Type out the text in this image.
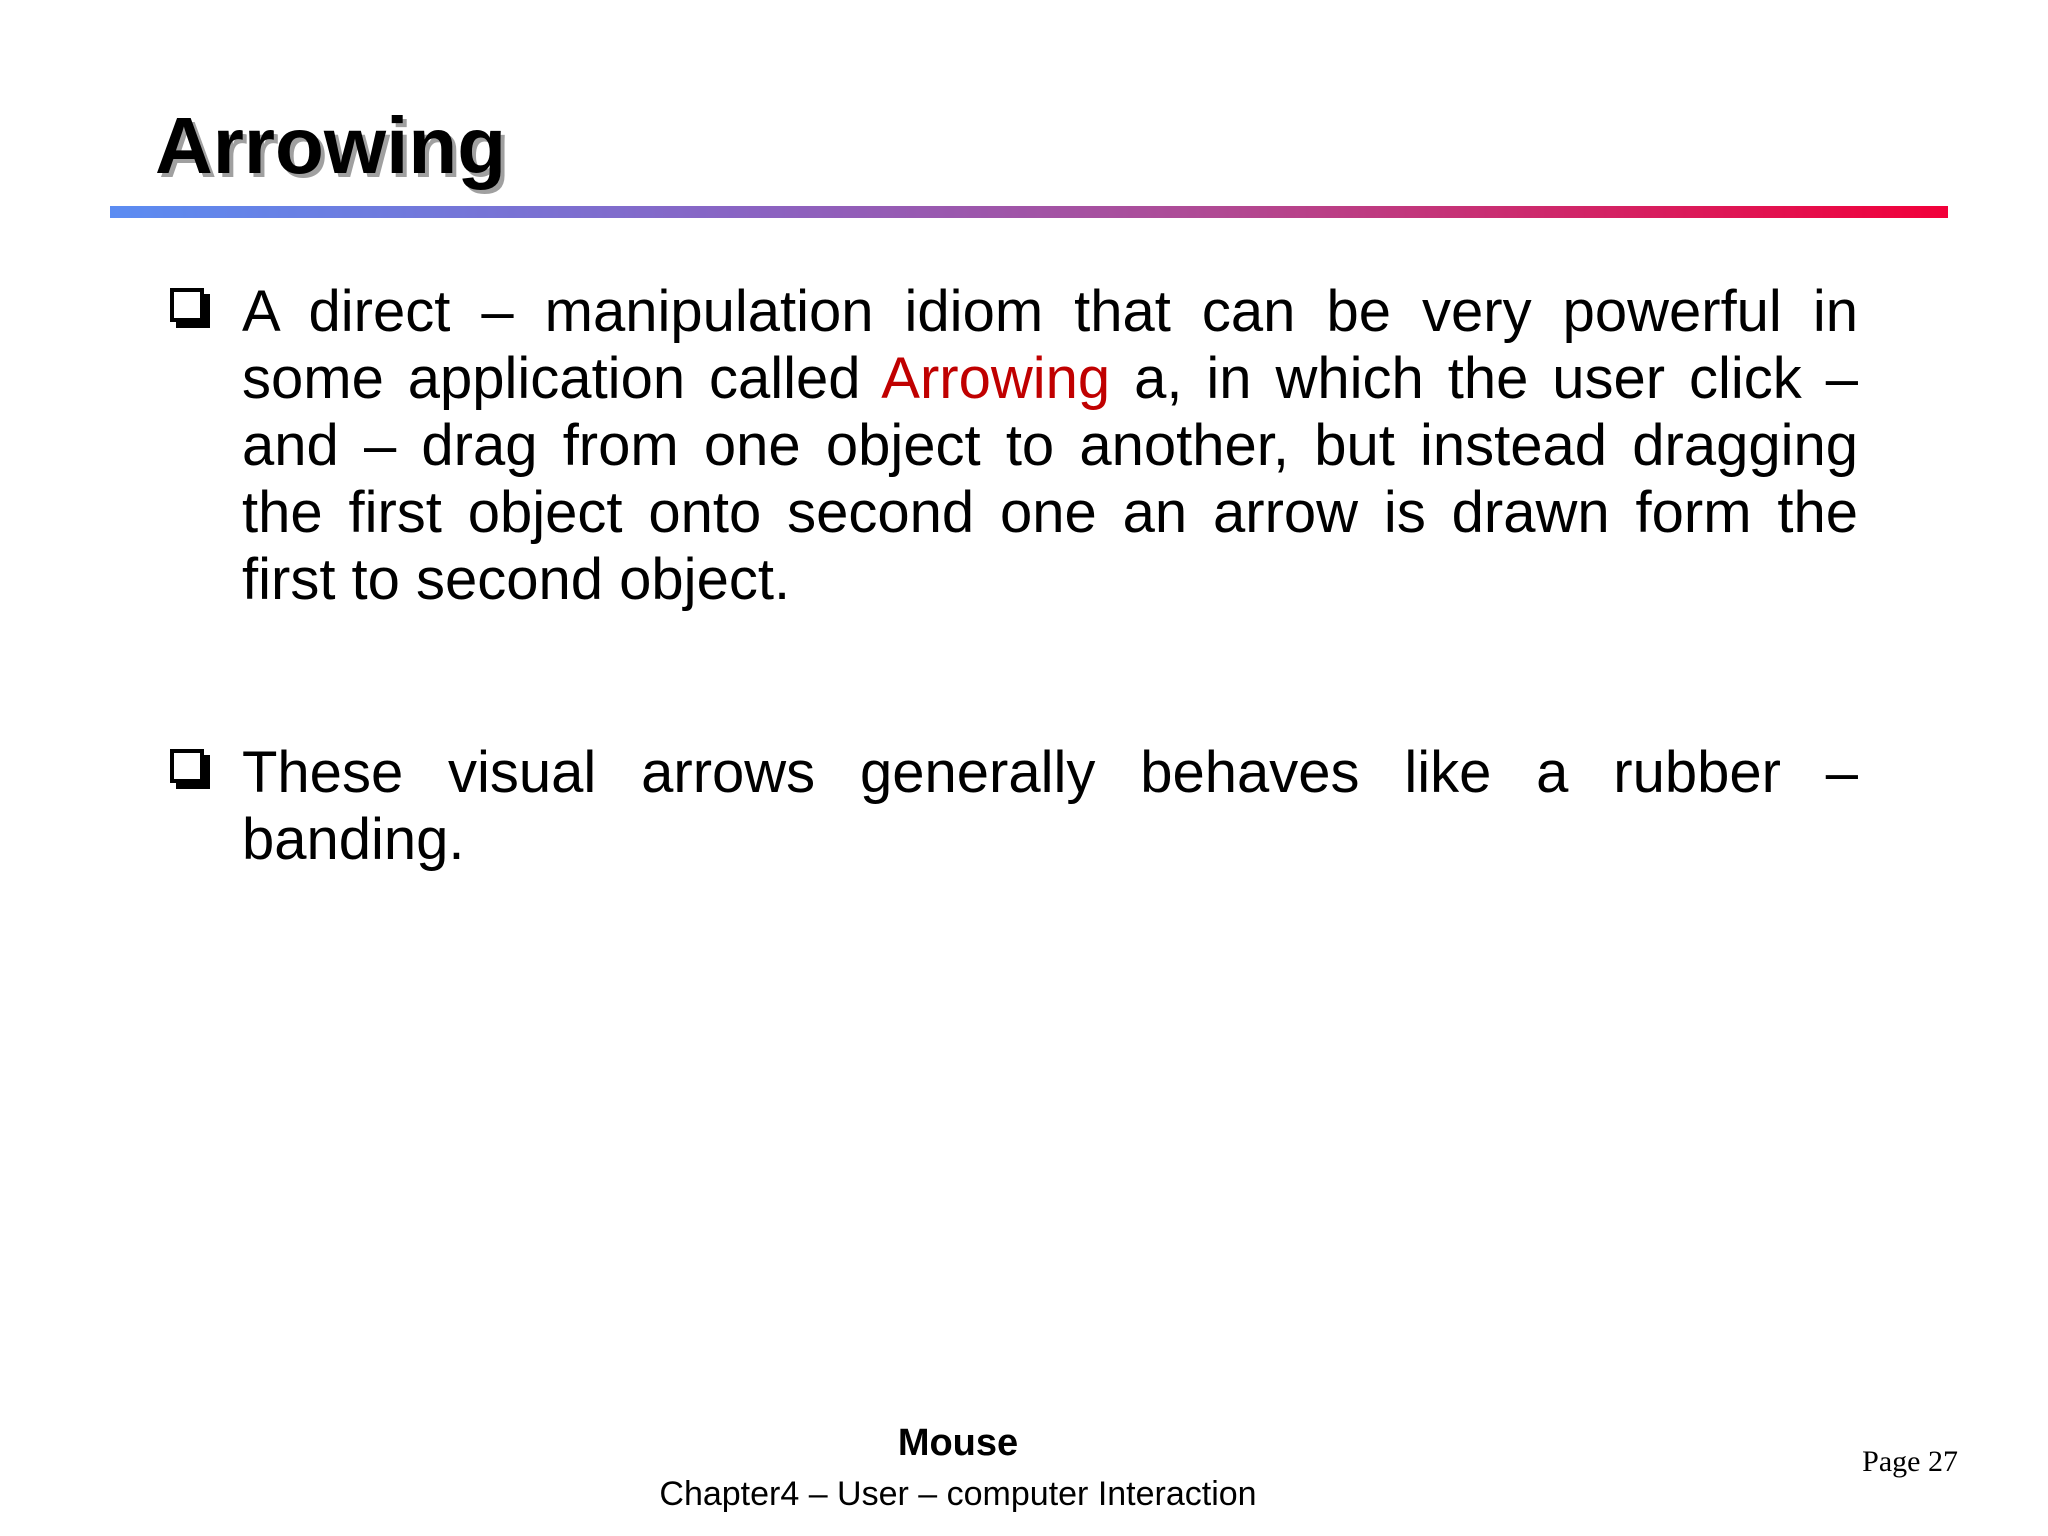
Arrowing
A direct – manipulation idiom that can be very powerful in some application called Arrowing a, in which the user click – and – drag from one object to another, but instead dragging the first object onto second one an arrow is drawn form the first to second object.
These visual arrows generally behaves like a rubber – banding.
Mouse
Chapter4 – User – computer Interaction
Page 27
